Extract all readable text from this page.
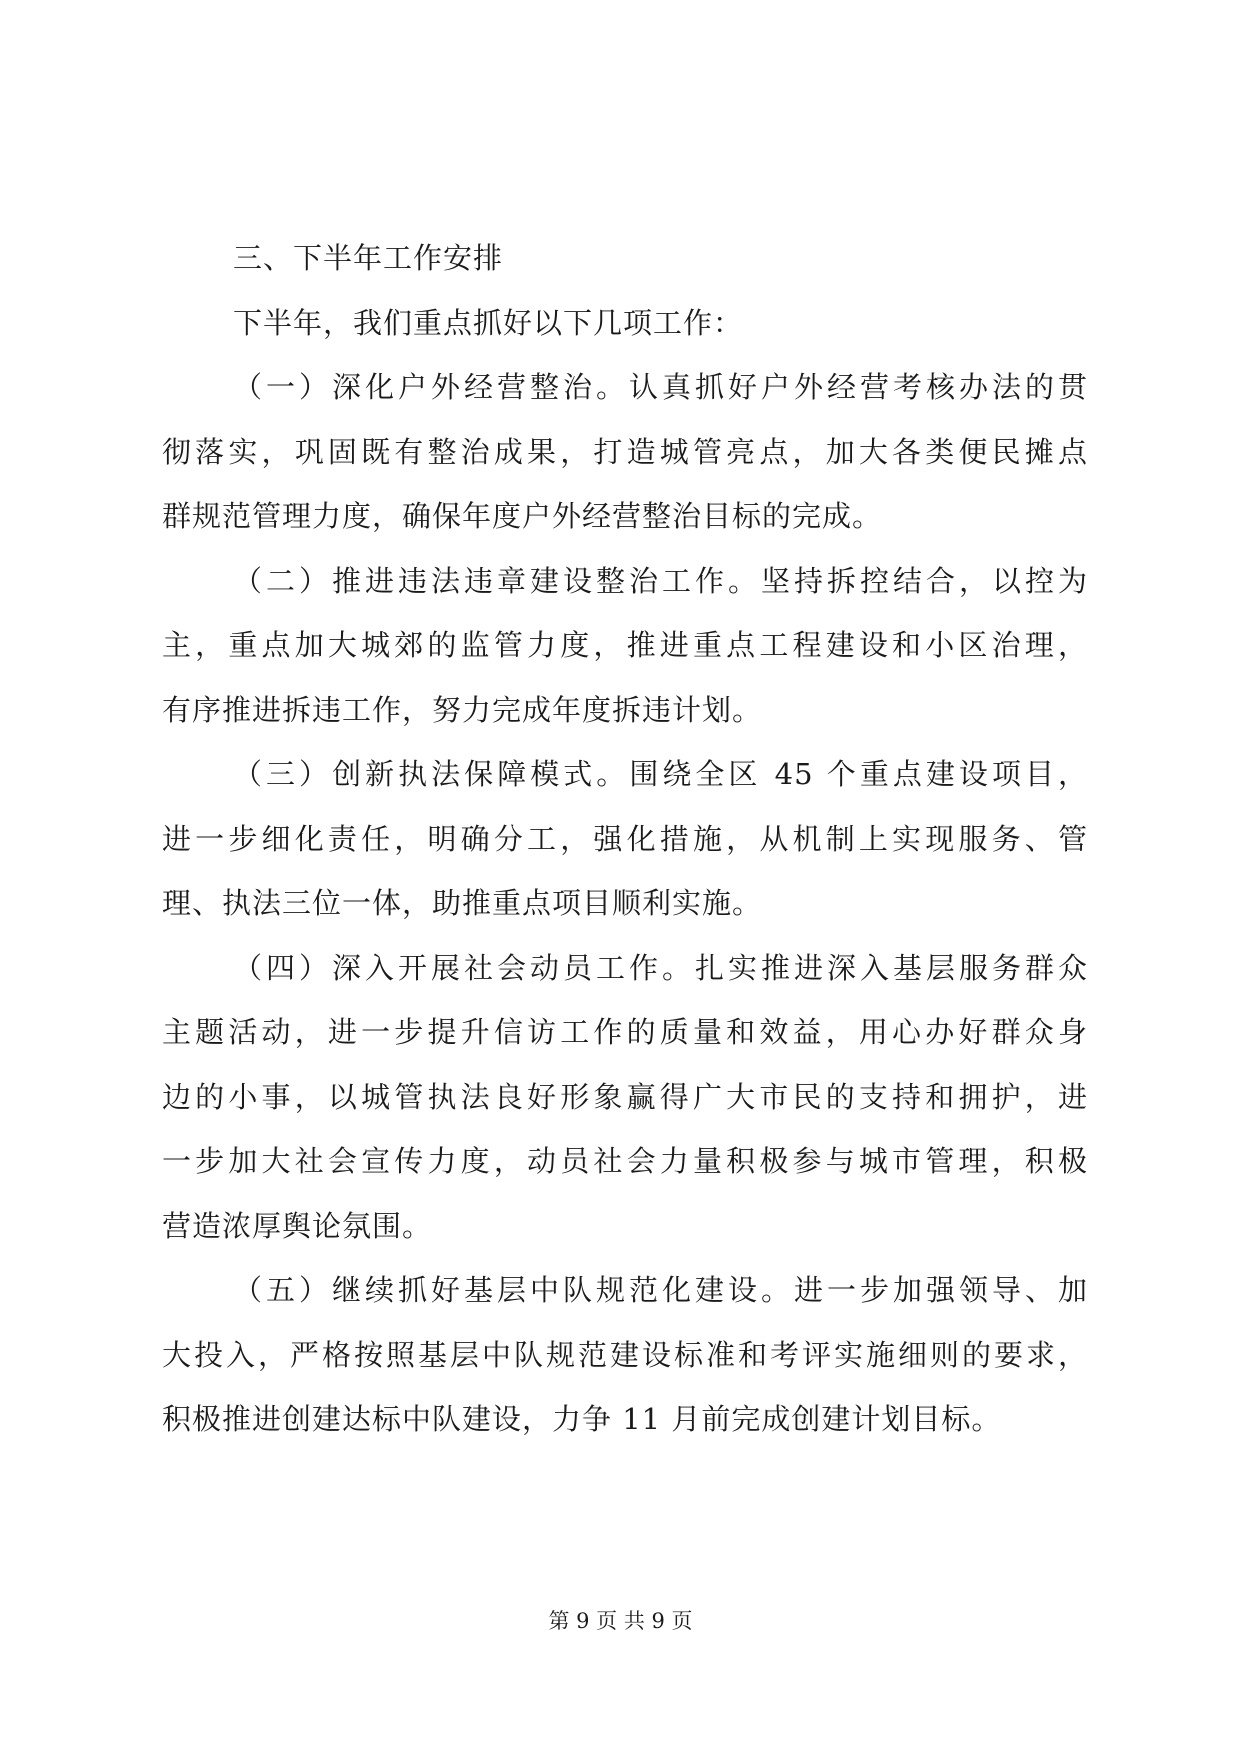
三、下半年工作安排
下半年，我们重点抓好以下几项工作：
（一）深化户外经营整治。认真抓好户外经营考核办法的贯
彻落实，巩固既有整治成果，打造城管亮点，加大各类便民摊点
群规范管理力度，确保年度户外经营整治目标的完成。
（二）推进违法违章建设整治工作。坚持拆控结合，以控为
主，重点加大城郊的监管力度，推进重点工程建设和小区治理，
有序推进拆违工作，努力完成年度拆违计划。
（三）创新执法保障模式。围绕全区 45 个重点建设项目，
进一步细化责任，明确分工，强化措施，从机制上实现服务、管
理、执法三位一体，助推重点项目顺利实施。
（四）深入开展社会动员工作。扎实推进深入基层服务群众
主题活动，进一步提升信访工作的质量和效益，用心办好群众身
边的小事，以城管执法良好形象赢得广大市民的支持和拥护，进
一步加大社会宣传力度，动员社会力量积极参与城市管理，积极
营造浓厚舆论氛围。
（五）继续抓好基层中队规范化建设。进一步加强领导、加
大投入，严格按照基层中队规范建设标准和考评实施细则的要求，
积极推进创建达标中队建设，力争 11 月前完成创建计划目标。
第 9 页 共 9 页
